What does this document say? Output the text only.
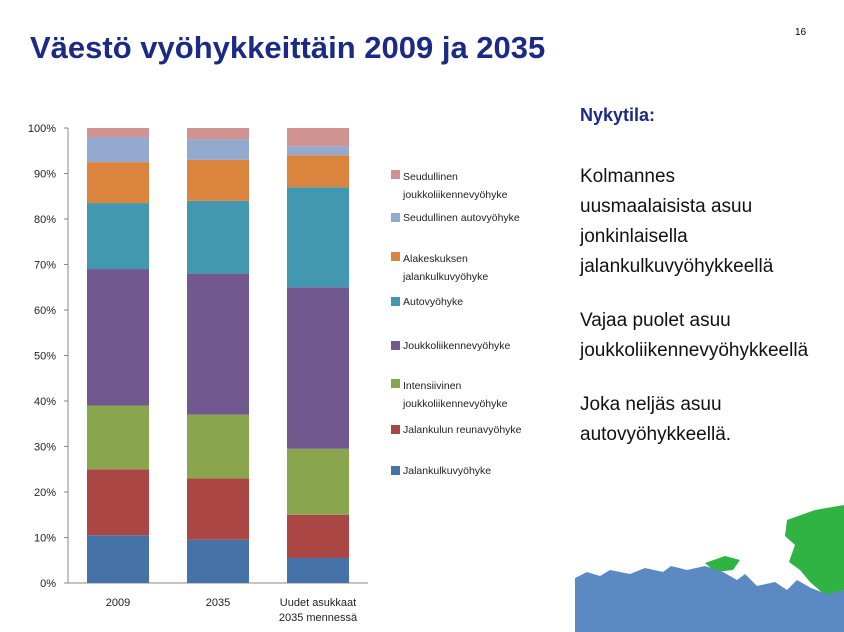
Väestö vyöhykkeittäin 2009 ja 2035	16
0%
10%
20%
30%
40%
50%
60%
70%
80%
90%
100%
2009	2035	Uudet asukkaat
2035 mennessä
Seudullinen
joukkoliikennevyöhyke
Seudullinen autovyöhyke
Alakeskuksen
jalankulkuvyöhyke
Autovyöhyke
Joukkoliikennevyöhyke
Intensiivinen
joukkoliikennevyöhyke
Jalankulun reunavyöhyke
Jalankulkuvyöhyke
Nykytila:
Kolmannes
uusmaalaisista asuu
jonkinlaisella
jalankulkuvyöhykkeellä
Vajaa puolet asuu
joukkoliikennevyöhykkeellä
Joka neljäs asuu
autovyöhykkeellä.
